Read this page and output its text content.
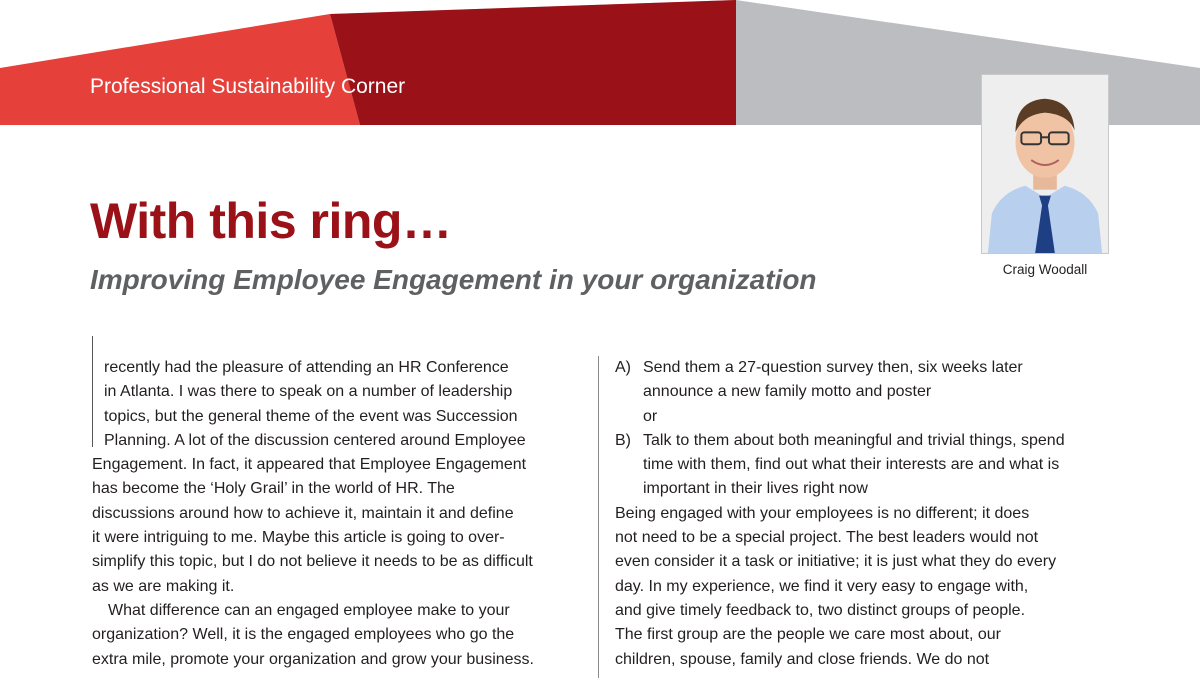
Professional Sustainability Corner
With this ring…
Improving Employee Engagement in your organization	Craig Woodall

recently had the pleasure of attending an HR Conference

in Atlanta. I was there to speak on a number of leadership

topics, but the general theme of the event was Succession

Planning. A lot of the discussion centered around Employee

Engagement. In fact, it appeared that Employee Engagement

has become the ‘Holy Grail’ in the world of HR. The

discussions around how to achieve it, maintain it and define

it were intriguing to me. Maybe this article is going to over-

simplify this topic, but I do not believe it needs to be as difficult

as we are making it.

What difference can an engaged employee make to your

organization? Well, it is the engaged employees who go the

extra mile, promote your organization and grow your business.

A) Send them a 27-question survey then, six weeks later

announce a new family motto and poster

or

B) Talk to them about both meaningful and trivial things, spend

time with them, find out what their interests are and what is

important in their lives right now

Being engaged with your employees is no different; it does

not need to be a special project. The best leaders would not

even consider it a task or initiative; it is just what they do every

day. In my experience, we find it very easy to engage with,

and give timely feedback to, two distinct groups of people.

The first group are the people we care most about, our

children, spouse, family and close friends. We do not
